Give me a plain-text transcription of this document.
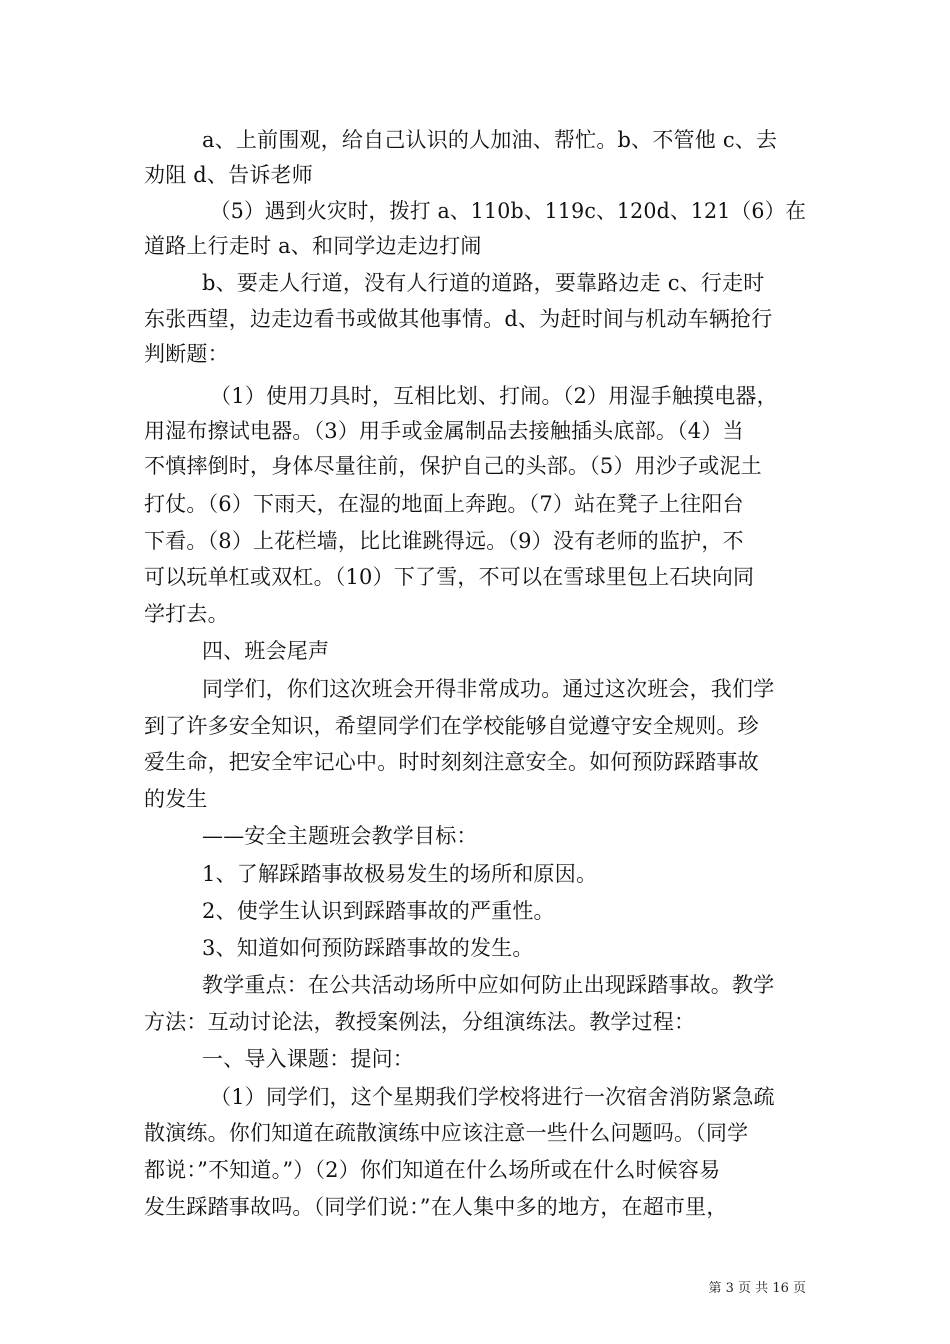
a、上前围观，给自己认识的人加油、帮忙。b、不管他 c、去
劝阻 d、告诉老师
（5）遇到火灾时，拨打 a、110b、119c、120d、121（6）在
道路上行走时 a、和同学边走边打闹
b、要走人行道，没有人行道的道路，要靠路边走 c、行走时
东张西望，边走边看书或做其他事情。d、为赶时间与机动车辆抢行
判断题：
（1）使用刀具时，互相比划、打闹。（2）用湿手触摸电器，
用湿布擦试电器。（3）用手或金属制品去接触插头底部。（4）当
不慎摔倒时，身体尽量往前，保护自己的头部。（5）用沙子或泥土
打仗。（6）下雨天，在湿的地面上奔跑。（7）站在凳子上往阳台
下看。（8）上花栏墙，比比谁跳得远。（9）没有老师的监护，不
可以玩单杠或双杠。（10）下了雪，不可以在雪球里包上石块向同
学打去。
四、班会尾声
同学们，你们这次班会开得非常成功。通过这次班会，我们学
到了许多安全知识，希望同学们在学校能够自觉遵守安全规则。珍
爱生命，把安全牢记心中。时时刻刻注意安全。如何预防踩踏事故
的发生
——安全主题班会教学目标：
1、了解踩踏事故极易发生的场所和原因。
2、使学生认识到踩踏事故的严重性。
3、知道如何预防踩踏事故的发生。
教学重点：在公共活动场所中应如何防止出现踩踏事故。教学
方法：互动讨论法，教授案例法，分组演练法。教学过程：
一、导入课题：提问：
（1）同学们，这个星期我们学校将进行一次宿舍消防紧急疏
散演练。你们知道在疏散演练中应该注意一些什么问题吗。（同学
都说：”不知道。”）（2）你们知道在什么场所或在什么时候容易
发生踩踏事故吗。（同学们说：”在人集中多的地方，在超市里，
第 3 页 共 16 页
